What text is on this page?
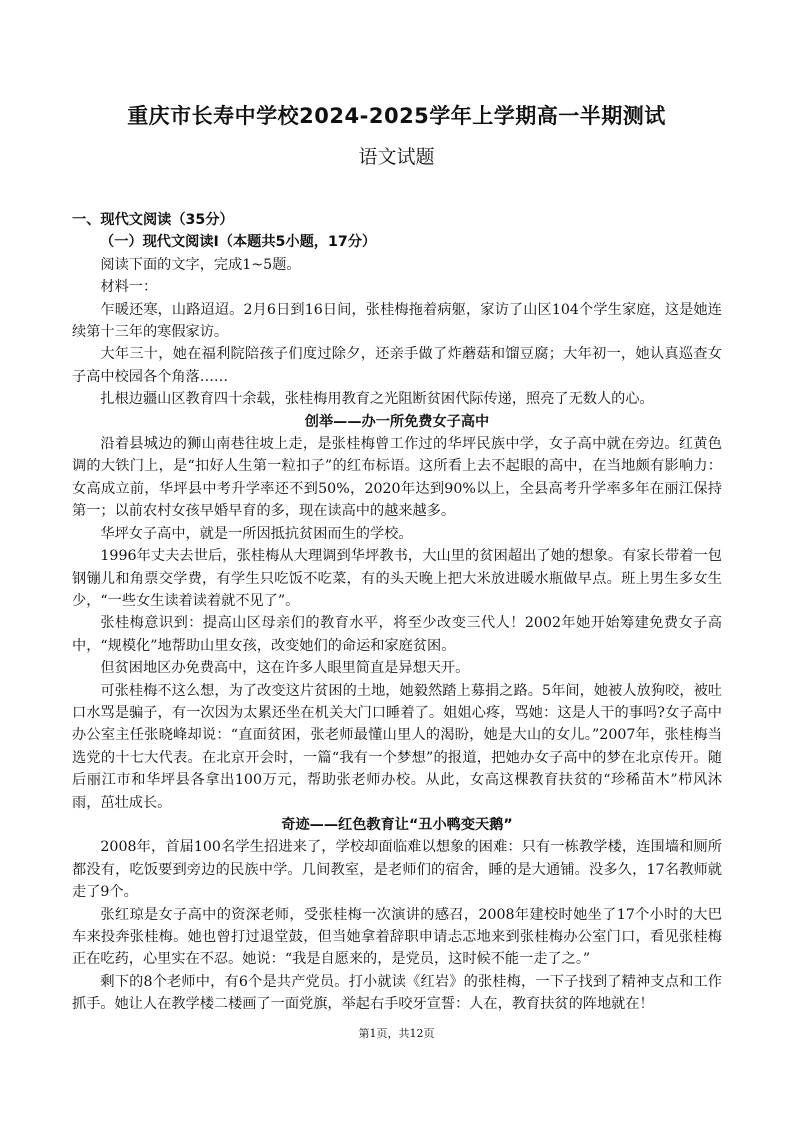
重庆市长寿中学校2024-2025学年上学期高一半期测试
语文试题

一、现代文阅读（35分）

（一）现代文阅读I（本题共5小题，17分）

阅读下面的文字，完成1~5题。

材料一：

乍暖还寒，山路迢迢。2月6日到16日间，张桂梅拖着病躯，家访了山区104个学生家庭，这是她连续第十三年的寒假家访。

大年三十，她在福利院陪孩子们度过除夕，还亲手做了炸蘑菇和馏豆腐；大年初一，她认真巡查女子高中校园各个角落……

扎根边疆山区教育四十余载，张桂梅用教育之光阻断贫困代际传递，照亮了无数人的心。

创举——办一所免费女子高中

沿着县城边的狮山南巷往坡上走，是张桂梅曾工作过的华坪民族中学，女子高中就在旁边。红黄色调的大铁门上，是“扣好人生第一粒扣子”的红布标语。这所看上去不起眼的高中，在当地颇有影响力：女高成立前，华坪县中考升学率还不到50%，2020年达到90%以上，全县高考升学率多年在丽江保持第一；以前农村女孩早婚早育的多，现在读高中的越来越多。

华坪女子高中，就是一所因抵抗贫困而生的学校。

1996年丈夫去世后，张桂梅从大理调到华坪教书，大山里的贫困超出了她的想象。有家长带着一包钢镚儿和角票交学费，有学生只吃饭不吃菜，有的头天晚上把大米放进暖水瓶做早点。班上男生多女生少，“一些女生读着读着就不见了”。

张桂梅意识到：提高山区母亲们的教育水平，将至少改变三代人！2002年她开始筹建免费女子高中，“规模化”地帮助山里女孩，改变她们的命运和家庭贫困。

但贫困地区办免费高中，这在许多人眼里简直是异想天开。

可张桂梅不这么想，为了改变这片贫困的土地，她毅然踏上募捐之路。5年间，她被人放狗咬，被吐口水骂是骗子，有一次因为太累还坐在机关大门口睡着了。姐姐心疼，骂她：这是人干的事吗?女子高中办公室主任张晓峰却说：“直面贫困，张老师最懂山里人的渴盼，她是大山的女儿。”2007年，张桂梅当选党的十七大代表。在北京开会时，一篇“我有一个梦想”的报道，把她办女子高中的梦在北京传开。随后丽江市和华坪县各拿出100万元，帮助张老师办校。从此，女高这棵教育扶贫的“珍稀苗木”栉风沐雨，茁壮成长。

奇迹——红色教育让“丑小鸭变天鹅”

2008年，首届100名学生招进来了，学校却面临难以想象的困难：只有一栋教学楼，连围墙和厕所都没有，吃饭要到旁边的民族中学。几间教室，是老师们的宿舍，睡的是大通铺。没多久，17名教师就走了9个。

张红琼是女子高中的资深老师，受张桂梅一次演讲的感召，2008年建校时她坐了17个小时的大巴车来投奔张桂梅。她也曾打过退堂鼓，但当她拿着辞职申请忐忑地来到张桂梅办公室门口，看见张桂梅正在吃药，心里实在不忍。她说：“我是自愿来的，是党员，这时候不能一走了之。”

剩下的8个老师中，有6个是共产党员。打小就读《红岩》的张桂梅，一下子找到了精神支点和工作抓手。她让人在教学楼二楼画了一面党旗，举起右手咬牙宣誓：人在，教育扶贫的阵地就在！

第1页，共12页
